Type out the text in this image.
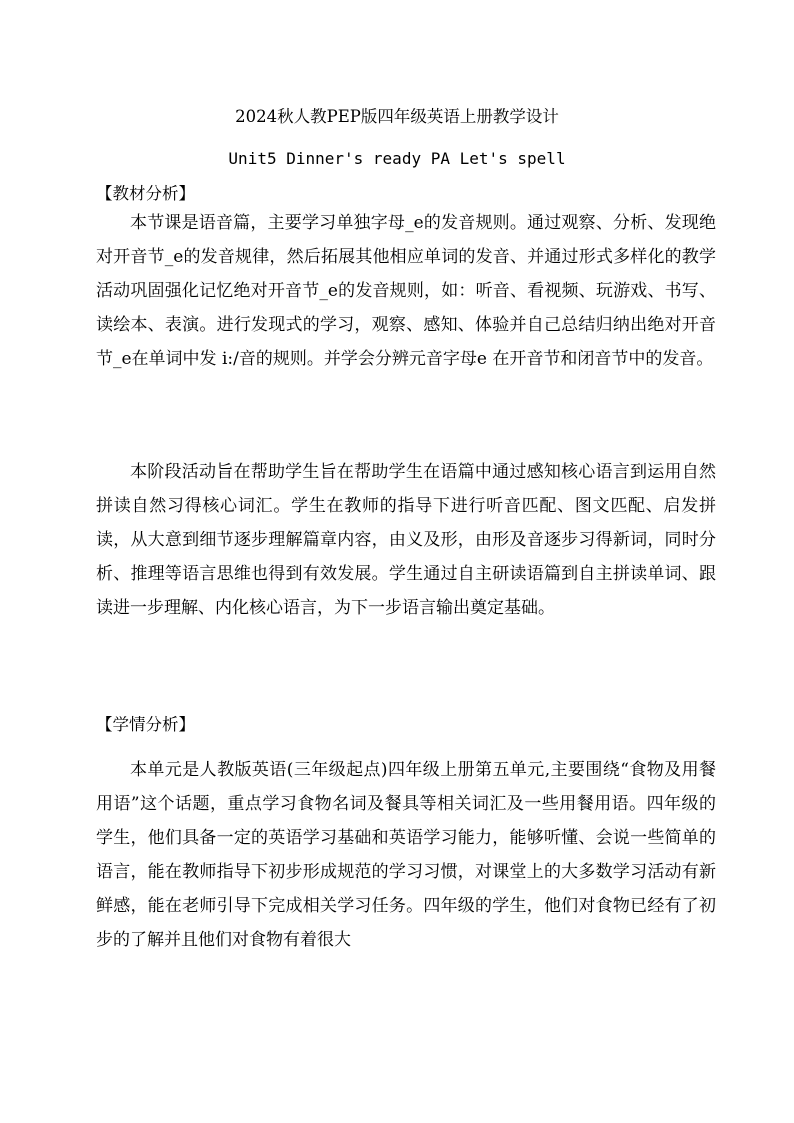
2024秋人教PEP版四年级英语上册教学设计
Unit5 Dinner's ready PA Let's spell
【教材分析】

本节课是语音篇，主要学习单独字母_e的发音规则。通过观察、分析、发现绝对开音节_e的发音规律，然后拓展其他相应单词的发音、并通过形式多样化的教学活动巩固强化记忆绝对开音节_e的发音规则，如：听音、看视频、玩游戏、书写、读绘本、表演。进行发现式的学习，观察、感知、体验并自己总结归纳出绝对开音节_e在单词中发 i:/音的规则。并学会分辨元音字母e 在开音节和闭音节中的发音。

本阶段活动旨在帮助学生旨在帮助学生在语篇中通过感知核心语言到运用自然拼读自然习得核心词汇。学生在教师的指导下进行听音匹配、图文匹配、启发拼读，从大意到细节逐步理解篇章内容，由义及形，由形及音逐步习得新词，同时分析、推理等语言思维也得到有效发展。学生通过自主研读语篇到自主拼读单词、跟读进一步理解、内化核心语言，为下一步语言输出奠定基础。

【学情分析】

本单元是人教版英语(三年级起点)四年级上册第五单元,主要围绕“食物及用餐用语”这个话题，重点学习食物名词及餐具等相关词汇及一些用餐用语。四年级的学生，他们具备一定的英语学习基础和英语学习能力，能够听懂、会说一些简单的语言，能在教师指导下初步形成规范的学习习惯，对课堂上的大多数学习活动有新鲜感，能在老师引导下完成相关学习任务。四年级的学生，他们对食物已经有了初步的了解并且他们对食物有着很大
